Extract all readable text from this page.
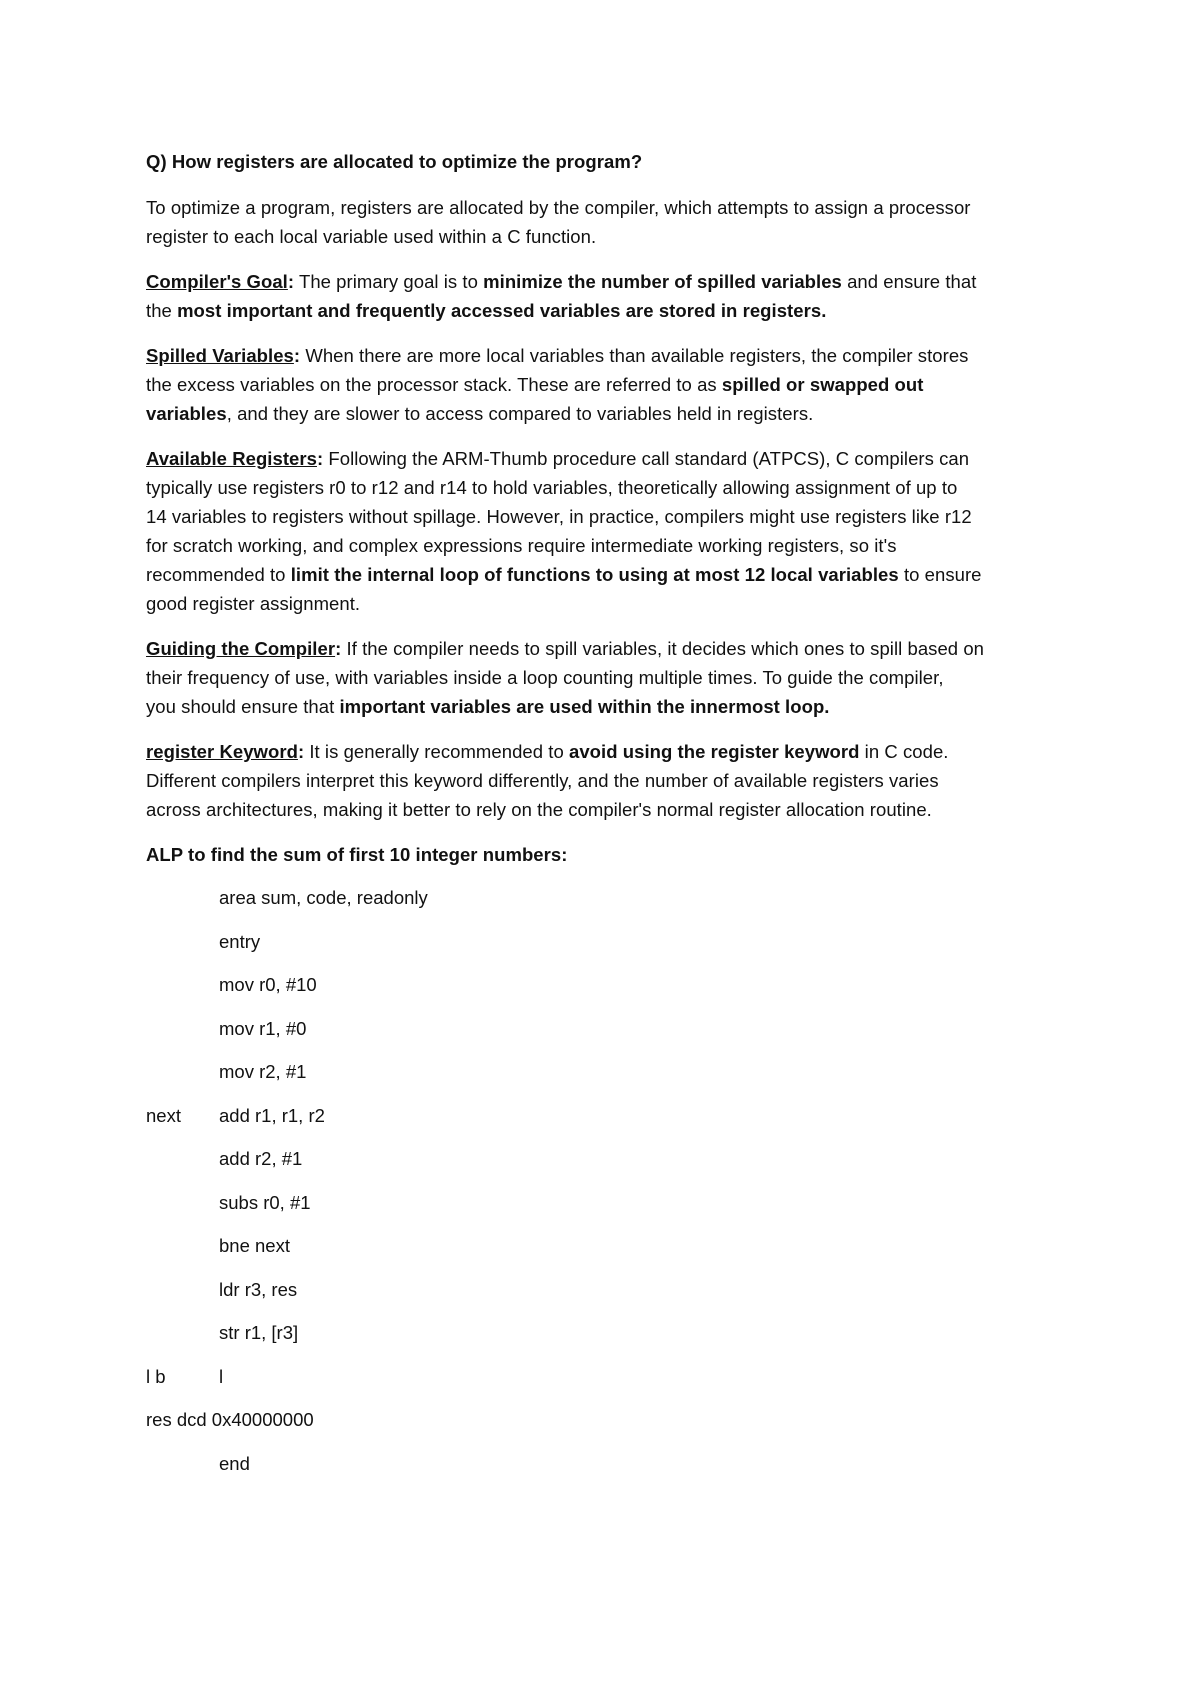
Q) How registers are allocated to optimize the program?

To optimize a program, registers are allocated by the compiler, which attempts to assign a processor
register to each local variable used within a C function.

Compiler's Goal: The primary goal is to minimize the number of spilled variables and ensure that
the most important and frequently accessed variables are stored in registers.

Spilled Variables: When there are more local variables than available registers, the compiler stores
the excess variables on the processor stack. These are referred to as spilled or swapped out
variables, and they are slower to access compared to variables held in registers.

Available Registers: Following the ARM-Thumb procedure call standard (ATPCS), C compilers can
typically use registers r0 to r12 and r14 to hold variables, theoretically allowing assignment of up to
14 variables to registers without spillage. However, in practice, compilers might use registers like r12
for scratch working, and complex expressions require intermediate working registers, so it's
recommended to limit the internal loop of functions to using at most 12 local variables to ensure
good register assignment.

Guiding the Compiler: If the compiler needs to spill variables, it decides which ones to spill based on
their frequency of use, with variables inside a loop counting multiple times. To guide the compiler,
you should ensure that important variables are used within the innermost loop.

register Keyword: It is generally recommended to avoid using the register keyword in C code.
Different compilers interpret this keyword differently, and the number of available registers varies
across architectures, making it better to rely on the compiler's normal register allocation routine.

ALP to find the sum of first 10 integer numbers:

area sum, code, readonly
entry
mov r0, #10
mov r1, #0
mov r2, #1
next add r1, r1, r2
add r2, #1
subs r0, #1
bne next
ldr r3, res
str r1, [r3]
l b	l
res dcd 0x40000000
end
